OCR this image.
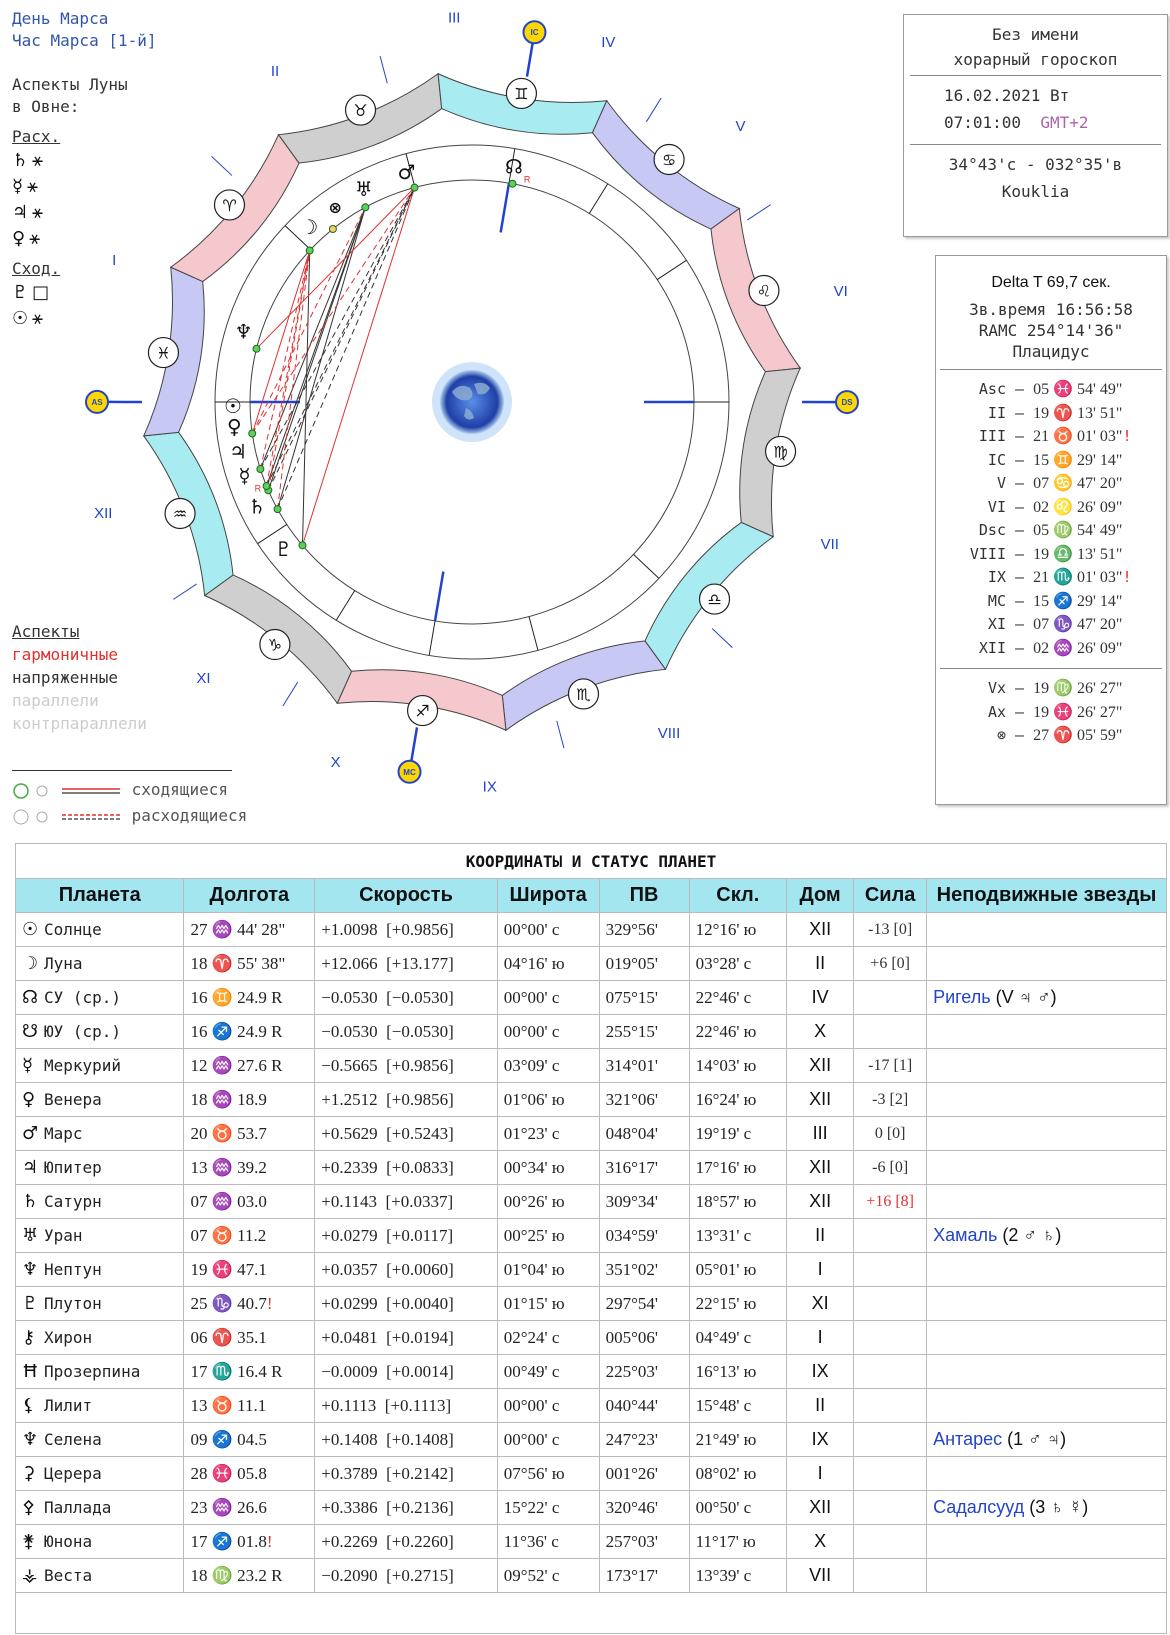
День Марса
Час Марса [1-й]
Аспекты Луны
в Овне:
Расх.
♄ ⚹
☿ ⚹
♃ ⚹
♀ ⚹
Сход.
♇ □
☉ ⚹
Аспекты
гармоничные
напряженные
параллели
контрпараллели
сходящиеся
расходящиеся
♈
♉
♊
♋
♌
♍
♎
♏
♐
♑
♒
♓
I
II
III
IV
V
VI
VII
VIII
IX
X
XI
XII
AS	DS
MC
IC
☉
☽
☊
R
☿
R
♀
♂
♃
♄
♅
♆
♇
⊗
Без имени
хорарный гороскоп
16.02.2021 Вт
07:01:00 GMT+2
34°43'с - 032°35'в
Kouklia
Delta T 69,7 сек.
Зв.время 16:56:58
RAMC 254°14'36"
Плацидус
Asc – 05 ♓ 54' 49"
II – 19 ♈ 13' 51"
III – 21 ♉ 01' 03"!
IC – 15 ♊ 29' 14"
V – 07 ♋ 47' 20"
VI – 02 ♌ 26' 09"
Dsc – 05 ♍ 54' 49"
VIII – 19 ♎ 13' 51"
IX – 21 ♏ 01' 03"!
MC – 15 ♐ 29' 14"
XI – 07 ♑ 47' 20"
XII – 02 ♒ 26' 09"
Vx – 19 ♍ 26' 27"
Ax – 19 ♓ 26' 27"
⊗ – 27 ♈ 05' 59"
КООРДИНАТЫ И СТАТУС ПЛАНЕТ								
Планета	Долгота	Скорость	Широта	ПВ	Скл.	Дом	Сила	Неподвижные звезды
☉ Солнце	27 ♒ 44' 28"	+1.0098  [+0.9856]	00°00' с	329°56'	12°16' ю	XII	-13 [0]	
☽ Луна	18 ♈ 55' 38"	+12.066  [+13.177]	04°16' ю	019°05'	03°28' с	II	+6 [0]	
☊ СУ (ср.)	16 ♊ 24.9 R	−0.0530  [−0.0530]	00°00' с	075°15'	22°46' с	IV		Ригель (V ♃ ♂)
☋ ЮУ (ср.)	16 ♐ 24.9 R	−0.0530  [−0.0530]	00°00' с	255°15'	22°46' ю	X		
☿ Меркурий	12 ♒ 27.6 R	−0.5665  [+0.9856]	03°09' с	314°01'	14°03' ю	XII	-17 [1]	
♀ Венера	18 ♒ 18.9	+1.2512  [+0.9856]	01°06' ю	321°06'	16°24' ю	XII	-3 [2]	
♂ Марс	20 ♉ 53.7	+0.5629  [+0.5243]	01°23' с	048°04'	19°19' с	III	0 [0]	
♃ Юпитер	13 ♒ 39.2	+0.2339  [+0.0833]	00°34' ю	316°17'	17°16' ю	XII	-6 [0]	
♄ Сатурн	07 ♒ 03.0	+0.1143  [+0.0337]	00°26' ю	309°34'	18°57' ю	XII	+16 [8]	
♅ Уран	07 ♉ 11.2	+0.0279  [+0.0117]	00°25' ю	034°59'	13°31' с	II		Хамаль (2 ♂ ♄)
♆ Нептун	19 ♓ 47.1	+0.0357  [+0.0060]	01°04' ю	351°02'	05°01' ю	I		
♇ Плутон	25 ♑ 40.7!	+0.0299  [+0.0040]	01°15' ю	297°54'	22°15' ю	XI		
⚷ Хирон	06 ♈ 35.1	+0.0481  [+0.0194]	02°24' с	005°06'	04°49' с	I		
Ħ Прозерпина	17 ♏ 16.4 R	−0.0009  [+0.0014]	00°49' с	225°03'	16°13' ю	IX		
⚸ Лилит	13 ♉ 11.1	+0.1113  [+0.1113]	00°00' с	040°44'	15°48' с	II		
♆ Селена	09 ♐ 04.5	+0.1408  [+0.1408]	00°00' с	247°23'	21°49' ю	IX		Антарес (1 ♂ ♃)
⚳ Церера	28 ♓ 05.8	+0.3789  [+0.2142]	07°56' ю	001°26'	08°02' ю	I		
⚴ Паллада	23 ♒ 26.6	+0.3386  [+0.2136]	15°22' с	320°46'	00°50' с	XII		Садалсууд (3 ♄ ☿)
⚵ Юнона	17 ♐ 01.8!	+0.2269  [+0.2260]	11°36' с	257°03'	11°17' ю	X		
⚶ Веста	18 ♍ 23.2 R	−0.2090  [+0.2715]	09°52' с	173°17'	13°39' с	VII		
